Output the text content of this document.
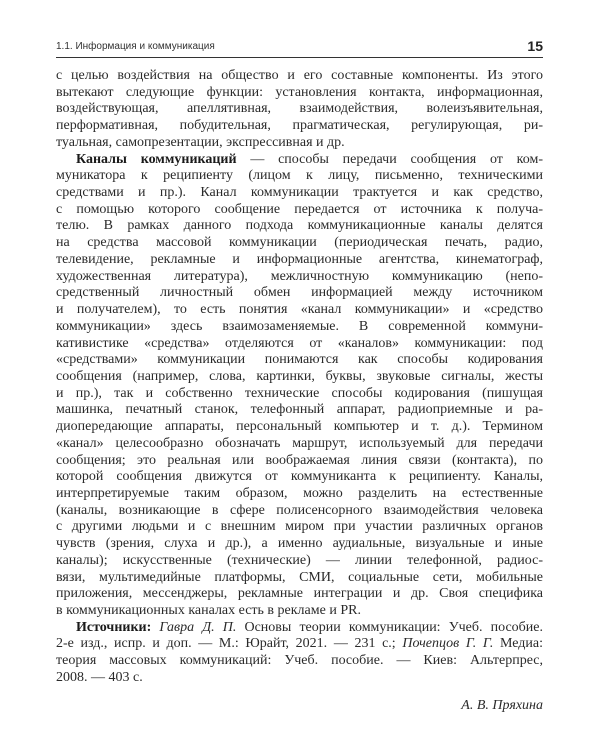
1.1. Информация и коммуникация	15
с целью воздействия на общество и его составные компоненты. Из этого
вытекают следующие функции: установления контакта, информационная,
воздействующая, апеллятивная, взаимодействия, волеизъявительная,
перформативная, побудительная, прагматическая, регулирующая, ри-
туальная, самопрезентации, экспрессивная и др.
Каналы коммуникаций — способы передачи сообщения от ком-
муникатора к реципиенту (лицом к лицу, письменно, техническими
средствами и пр.). Канал коммуникации трактуется и как средство,
с помощью которого сообщение передается от источника к получа-
телю. В рамках данного подхода коммуникационные каналы делятся
на средства массовой коммуникации (периодическая печать, радио,
телевидение, рекламные и информационные агентства, кинематограф,
художественная литература), межличностную коммуникацию (непо-
средственный личностный обмен информацией между источником
и получателем), то есть понятия «канал коммуникации» и «средство
коммуникации» здесь взаимозаменяемые. В современной коммуни-
кативистике «средства» отделяются от «каналов» коммуникации: под
«средствами» коммуникации понимаются как способы кодирования
сообщения (например, слова, картинки, буквы, звуковые сигналы, жесты
и пр.), так и собственно технические способы кодирования (пишущая
машинка, печатный станок, телефонный аппарат, радиоприемные и ра-
диопередающие аппараты, персональный компьютер и т. д.). Термином
«канал» целесообразно обозначать маршрут, используемый для передачи
сообщения; это реальная или воображаемая линия связи (контакта), по
которой сообщения движутся от коммуниканта к реципиенту. Каналы,
интерпретируемые таким образом, можно разделить на естественные
(каналы, возникающие в сфере полисенсорного взаимодействия человека
с другими людьми и с внешним миром при участии различных органов
чувств (зрения, слуха и др.), а именно аудиальные, визуальные и иные
каналы); искусственные (технические) — линии телефонной, радиос-
вязи, мультимедийные платформы, СМИ, социальные сети, мобильные
приложения, мессенджеры, рекламные интеграции и др. Своя специфика
в коммуникационных каналах есть в рекламе и PR.
Источники: Гавра Д. П. Основы теории коммуникации: Учеб. пособие.
2-е изд., испр. и доп. — М.: Юрайт, 2021. — 231 с.; Почепцов Г. Г. Медиа:
теория массовых коммуникаций: Учеб. пособие. — Киев: Альтерпрес,
2008. — 403 с.
А. В. Пряхина
